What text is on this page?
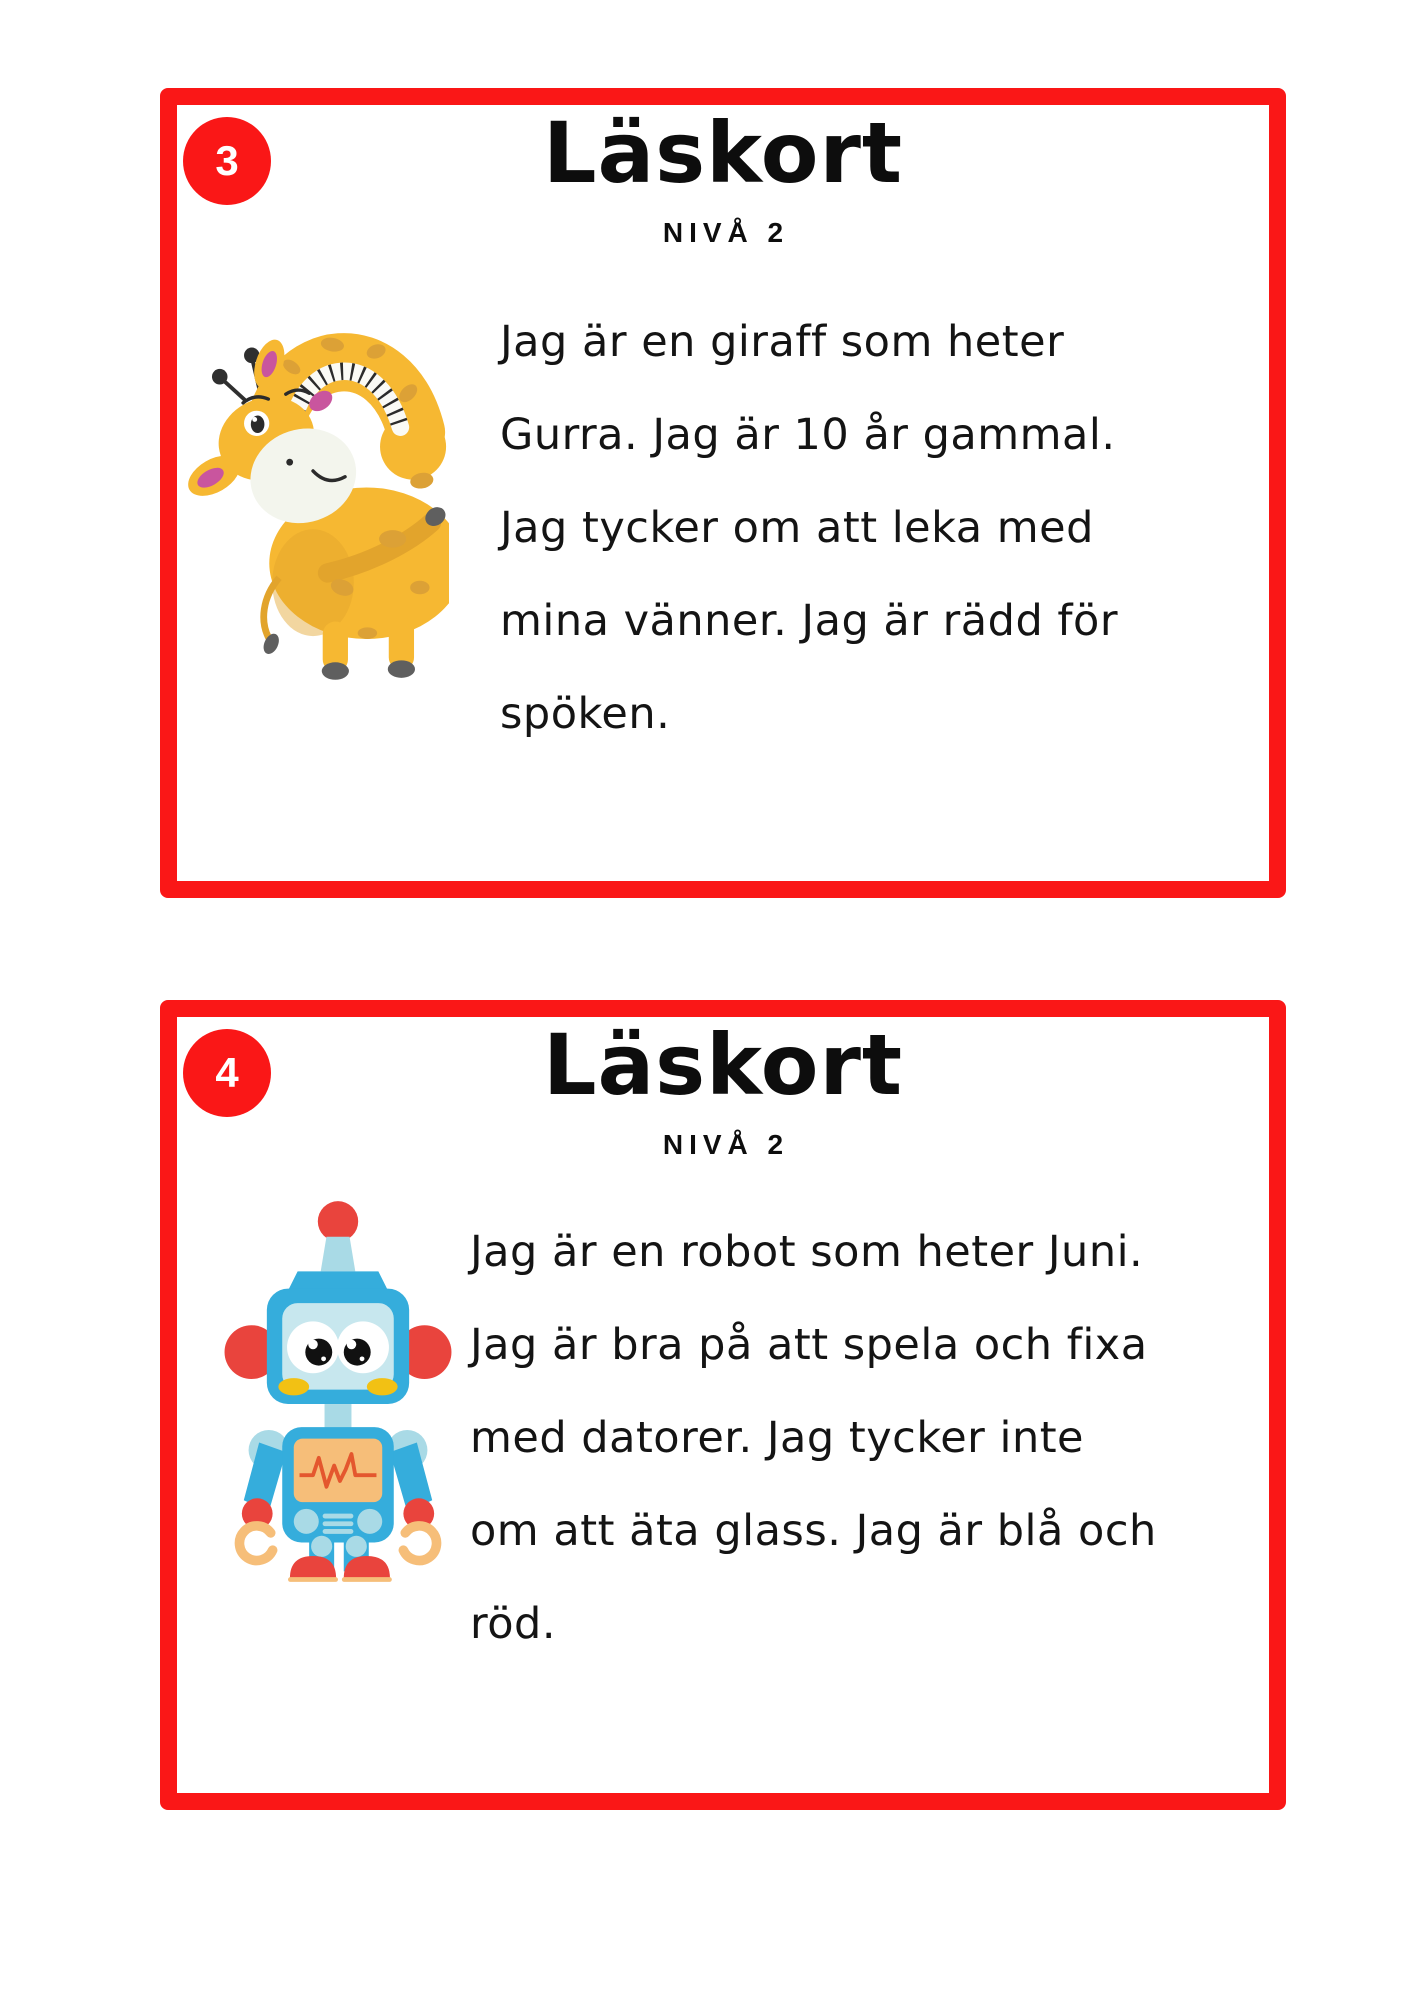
3	Läskort
NIVÅ 2
Jag är en giraff som heter
Gurra. Jag är 10 år gammal.
Jag tycker om att leka med
mina vänner. Jag är rädd för
spöken.
4	Läskort
NIVÅ 2
Jag är en robot som heter Juni.
Jag är bra på att spela och fixa
med datorer. Jag tycker inte
om att äta glass. Jag är blå och
röd.
